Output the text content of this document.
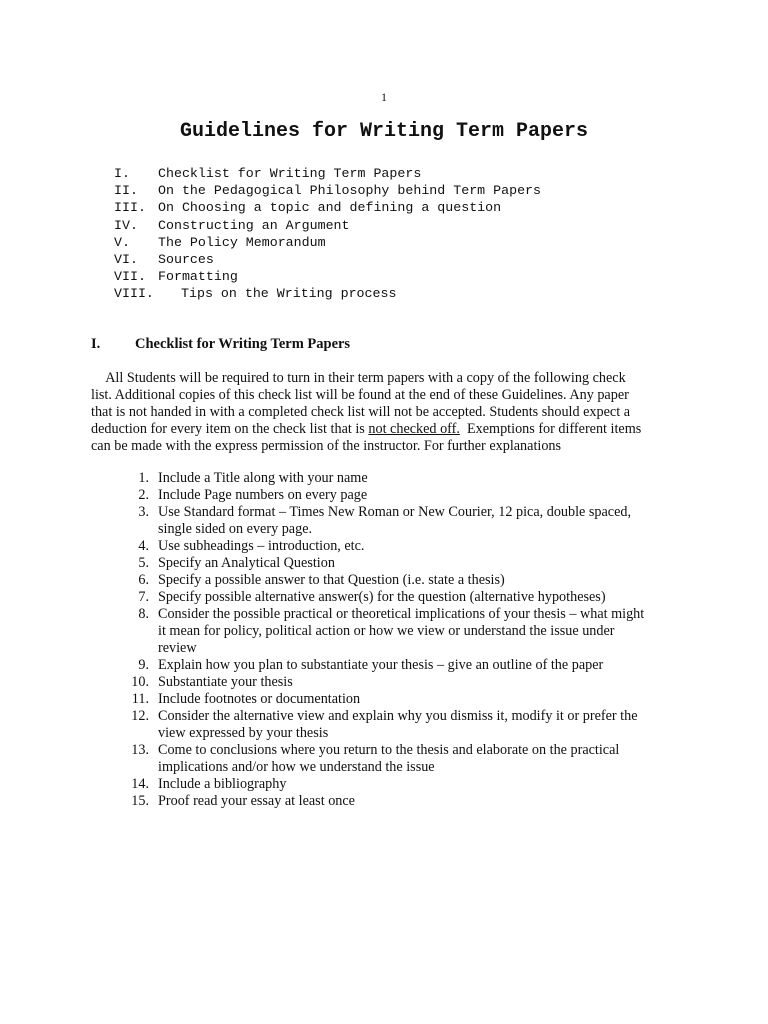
1
Guidelines for Writing Term Papers
I. Checklist for Writing Term Papers
II. On the Pedagogical Philosophy behind Term Papers
III. On Choosing a topic and defining a question
IV. Constructing an Argument
V. The Policy Memorandum
VI. Sources
VII. Formatting
VIII. Tips on the Writing process
I. Checklist for Writing Term Papers
All Students will be required to turn in their term papers with a copy of the following check
list. Additional copies of this check list will be found at the end of these Guidelines. Any paper
that is not handed in with a completed check list will not be accepted. Students should expect a
deduction for every item on the check list that is not checked off.  Exemptions for different items
can be made with the express permission of the instructor. For further explanations
1. Include a Title along with your name
2. Include Page numbers on every page
3. Use Standard format – Times New Roman or New Courier, 12 pica, double spaced,
single sided on every page.
4. Use subheadings – introduction, etc.
5. Specify an Analytical Question
6. Specify a possible answer to that Question (i.e. state a thesis)
7. Specify possible alternative answer(s) for the question (alternative hypotheses)
8. Consider the possible practical or theoretical implications of your thesis – what might
it mean for policy, political action or how we view or understand the issue under
review
9. Explain how you plan to substantiate your thesis – give an outline of the paper
10. Substantiate your thesis
11. Include footnotes or documentation
12. Consider the alternative view and explain why you dismiss it, modify it or prefer the
view expressed by your thesis
13. Come to conclusions where you return to the thesis and elaborate on the practical
implications and/or how we understand the issue
14. Include a bibliography
15. Proof read your essay at least once
